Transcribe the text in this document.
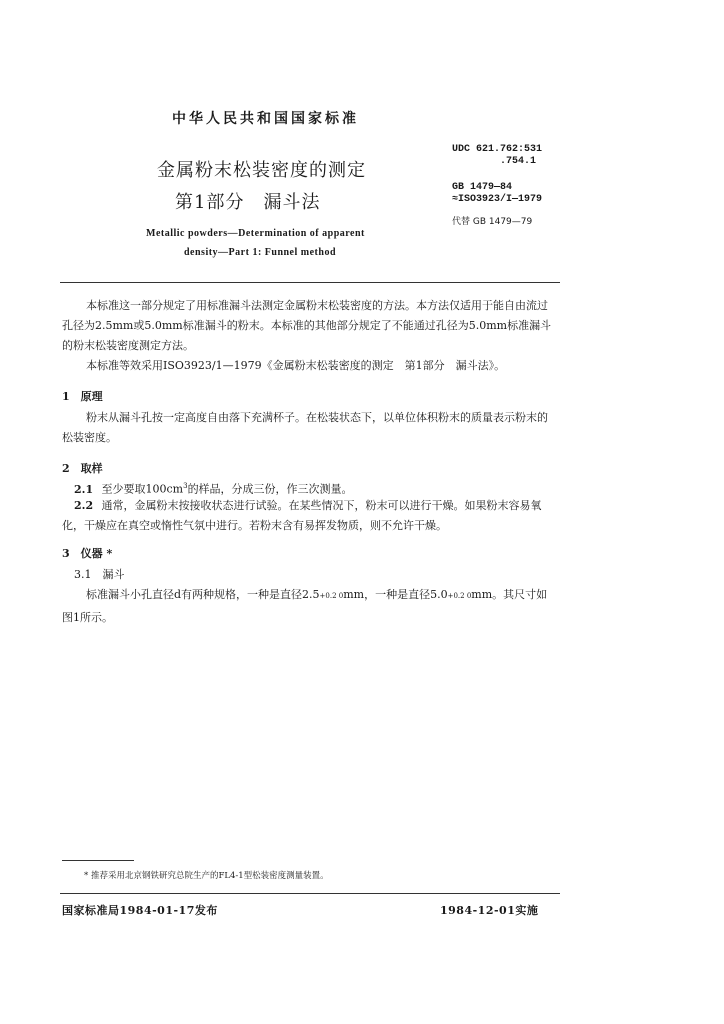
中华人民共和国国家标准
金属粉末松装密度的测定
第1部分　漏斗法
Metallic powders—Determination of apparent
density—Part 1: Funnel method
UDC 621.762:531
.754.1
GB 1479—84
≈ISO3923/I—1979
代替 GB 1479—79
本标准这一部分规定了用标准漏斗法测定金属粉末松装密度的方法。本方法仅适用于能自由流过孔径为2.5mm或5.0mm标准漏斗的粉末。本标准的其他部分规定了不能通过孔径为5.0mm标准漏斗的粉末松装密度测定方法。
本标准等效采用ISO3923/1—1979《金属粉末松装密度的测定　第1部分　漏斗法》。
1　原理
粉末从漏斗孔按一定高度自由落下充满杯子。在松装状态下，以单位体积粉末的质量表示粉末的松装密度。
2　取样
2.1 至少要取$100cm^3$的样品，分成三份，作三次测量。
2.2 通常，金属粉末按接收状态进行试验。在某些情况下，粉末可以进行干燥。如果粉末容易氧化，干燥应在真空或惰性气氛中进行。若粉末含有易挥发物质，则不允许干燥。
3　仪器 *
3.1　漏斗
标准漏斗小孔直径d有两种规格，一种是直径2.5+0.2 0mm，一种是直径5.0+0.2 0mm。其尺寸如图1所示。
* 推荐采用北京钢铁研究总院生产的FL4-1型松装密度测量装置。
国家标准局1984-01-17发布	1984-12-01实施
